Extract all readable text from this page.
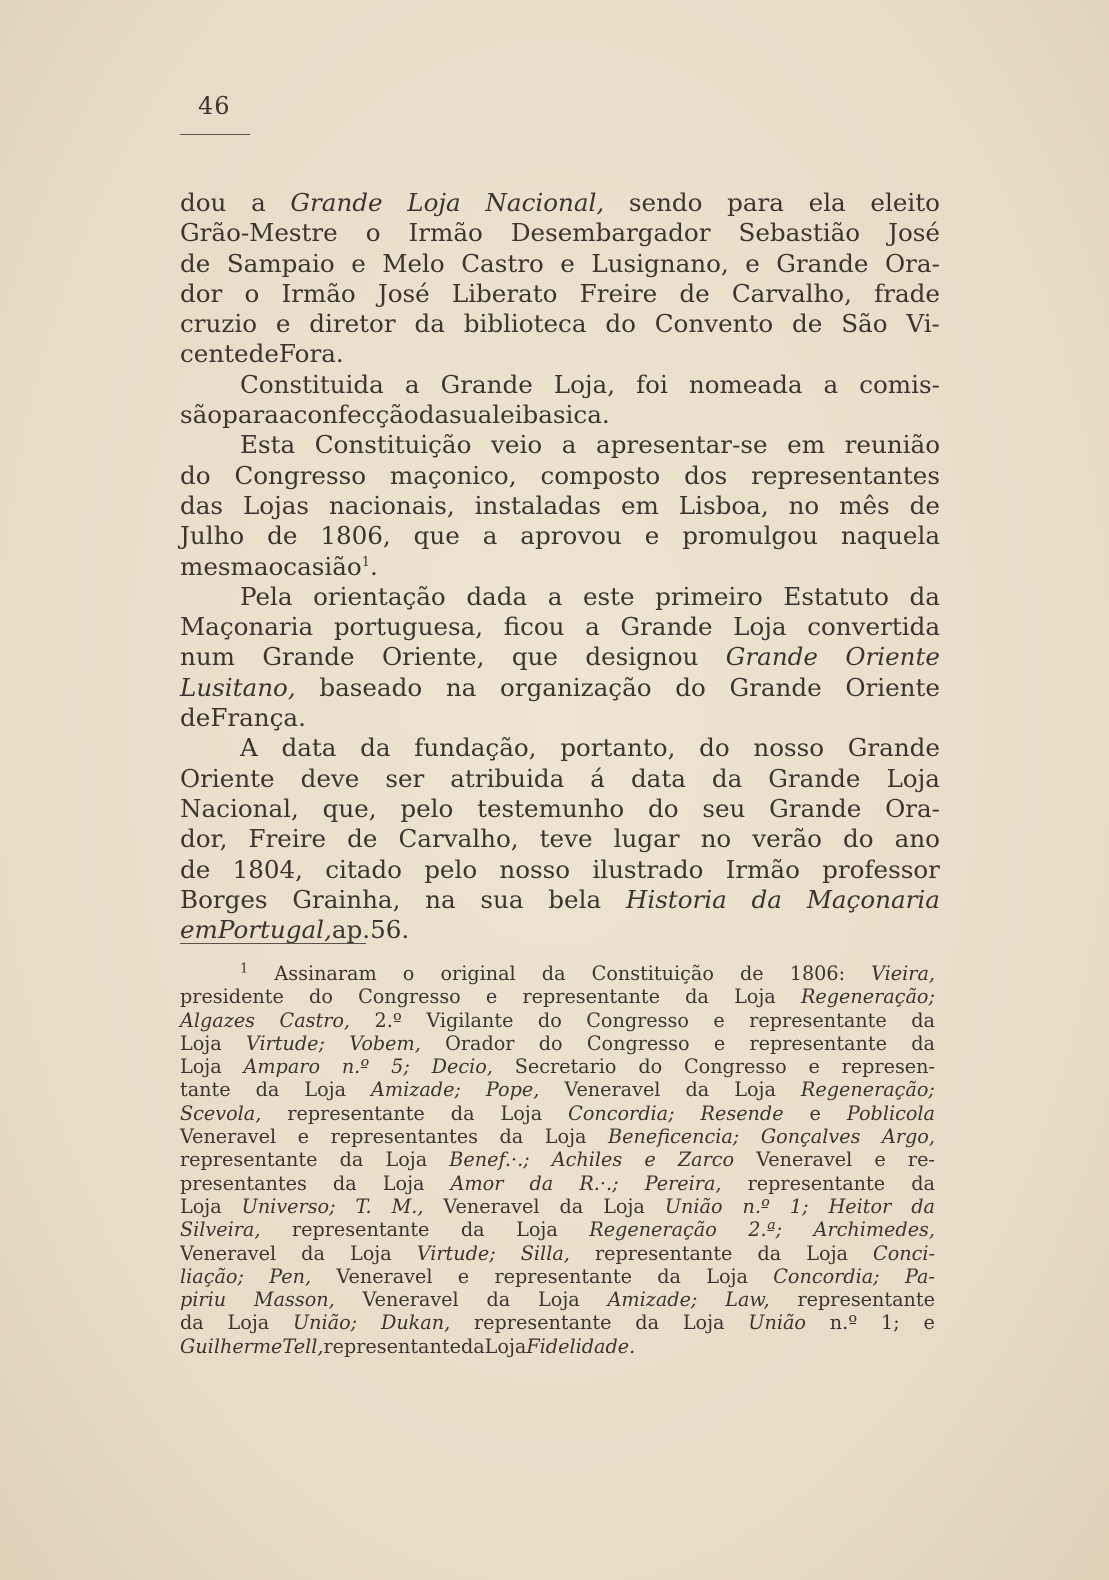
46
dou a Grande Loja Nacional, sendo para ela eleito
Grão-Mestre o Irmão Desembargador Sebastião José
de Sampaio e Melo Castro e Lusignano, e Grande Ora-
dor o Irmão José Liberato Freire de Carvalho, frade
cruzio e diretor da biblioteca do Convento de São Vi-
cente de Fora.
Constituida a Grande Loja, foi nomeada a comis-
são para a confecção da sua lei basica.
Esta Constituição veio a apresentar-se em reunião
do Congresso maçonico, composto dos representantes
das Lojas nacionais, instaladas em Lisboa, no mês de
Julho de 1806, que a aprovou e promulgou naquela
mesma ocasião $^1$.
Pela orientação dada a este primeiro Estatuto da
Maçonaria portuguesa, ficou a Grande Loja convertida
num Grande Oriente, que designou Grande Oriente
Lusitano, baseado na organização do Grande Oriente
de França.
A data da fundação, portanto, do nosso Grande
Oriente deve ser atribuida á data da Grande Loja
Nacional, que, pelo testemunho do seu Grande Ora-
dor, Freire de Carvalho, teve lugar no verão do ano
de 1804, citado pelo nosso ilustrado Irmão professor
Borges Grainha, na sua bela Historia da Maçonaria
em Portugal, a p. 56.
$^1$ Assinaram o original da Constituição de 1806: Vieira,
presidente do Congresso e representante da Loja Regeneração;
Algazes Castro, 2.º Vigilante do Congresso e representante da
Loja Virtude; Vobem, Orador do Congresso e representante da
Loja Amparo n.º 5; Decio, Secretario do Congresso e represen-
tante da Loja Amizade; Pope, Veneravel da Loja Regeneração;
Scevola, representante da Loja Concordia; Resende e Poblicola
Veneravel e representantes da Loja Beneficencia; Gonçalves Argo,
representante da Loja Benef.·.; Achiles e Zarco Veneravel e re-
presentantes da Loja Amor da R.·.; Pereira, representante da
Loja Universo; T. M., Veneravel da Loja União n.º 1; Heitor da
Silveira, representante da Loja Regeneração 2.ª; Archimedes,
Veneravel da Loja Virtude; Silla, representante da Loja Conci-
liação; Pen, Veneravel e representante da Loja Concordia; Pa-
piriu Masson, Veneravel da Loja Amizade; Law, representante
da Loja União; Dukan, representante da Loja União n.º 1; e
Guilherme Tell, representante da Loja Fidelidade.
